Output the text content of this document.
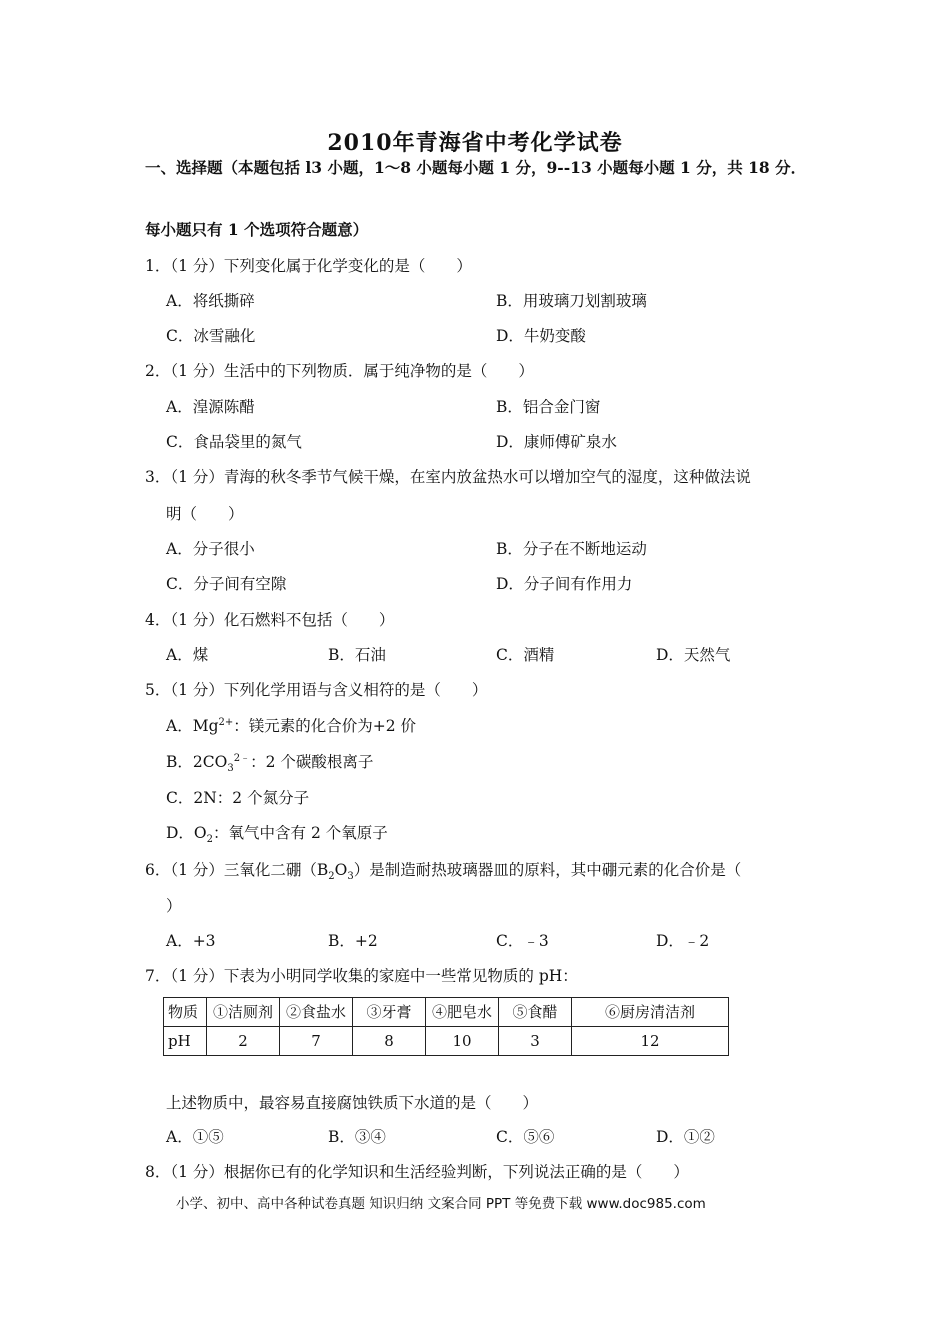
2010年青海省中考化学试卷
一、选择题（本题包括 l3 小题，1～8 小题每小题 1 分，9--13 小题每小题 1 分，共 18 分．
每小题只有 1 个选项符合题意）
1．（1 分）下列变化属于化学变化的是（　　）
A．将纸撕碎	B．用玻璃刀划割玻璃
C．冰雪融化	D．牛奶变酸
2．（1 分）生活中的下列物质．属于纯净物的是（　　）
A．湟源陈醋	B．铝合金门窗
C．食品袋里的氮气	D．康师傅矿泉水
3．（1 分）青海的秋冬季节气候干燥，在室内放盆热水可以增加空气的湿度，这种做法说
明（　　）
A．分子很小	B．分子在不断地运动
C．分子间有空隙	D．分子间有作用力
4．（1 分）化石燃料不包括（　　）
A．煤	B．石油	C．酒精	D．天然气
5．（1 分）下列化学用语与含义相符的是（　　）
A．$Mg^{2+}$：镁元素的化合价为+2 价
B．$2CO_3^{2﹣}$：2 个碳酸根离子
C．2N：2 个氮分子
D．$O_2$：氧气中含有 2 个氧原子
6．（1 分）三氧化二硼$(B_2O_3)$是制造耐热玻璃器皿的原料，其中硼元素的化合价是（
）
A．+3	B．+2	C．﹣3	D．﹣2
7．（1 分）下表为小明同学收集的家庭中一些常见物质的 pH：
物质	①洁厕剂	②食盐水	③牙膏	④肥皂水	⑤食醋	⑥厨房清洁剂
pH	2	7	8	10	3	12
上述物质中，最容易直接腐蚀铁质下水道的是（　　）
A．①⑤	B．③④	C．⑤⑥	D．①②
8．（1 分）根据你已有的化学知识和生活经验判断，下列说法正确的是（　　）
小学、初中、高中各种试卷真题 知识归纳 文案合同 PPT 等免费下载 www.doc985.com
